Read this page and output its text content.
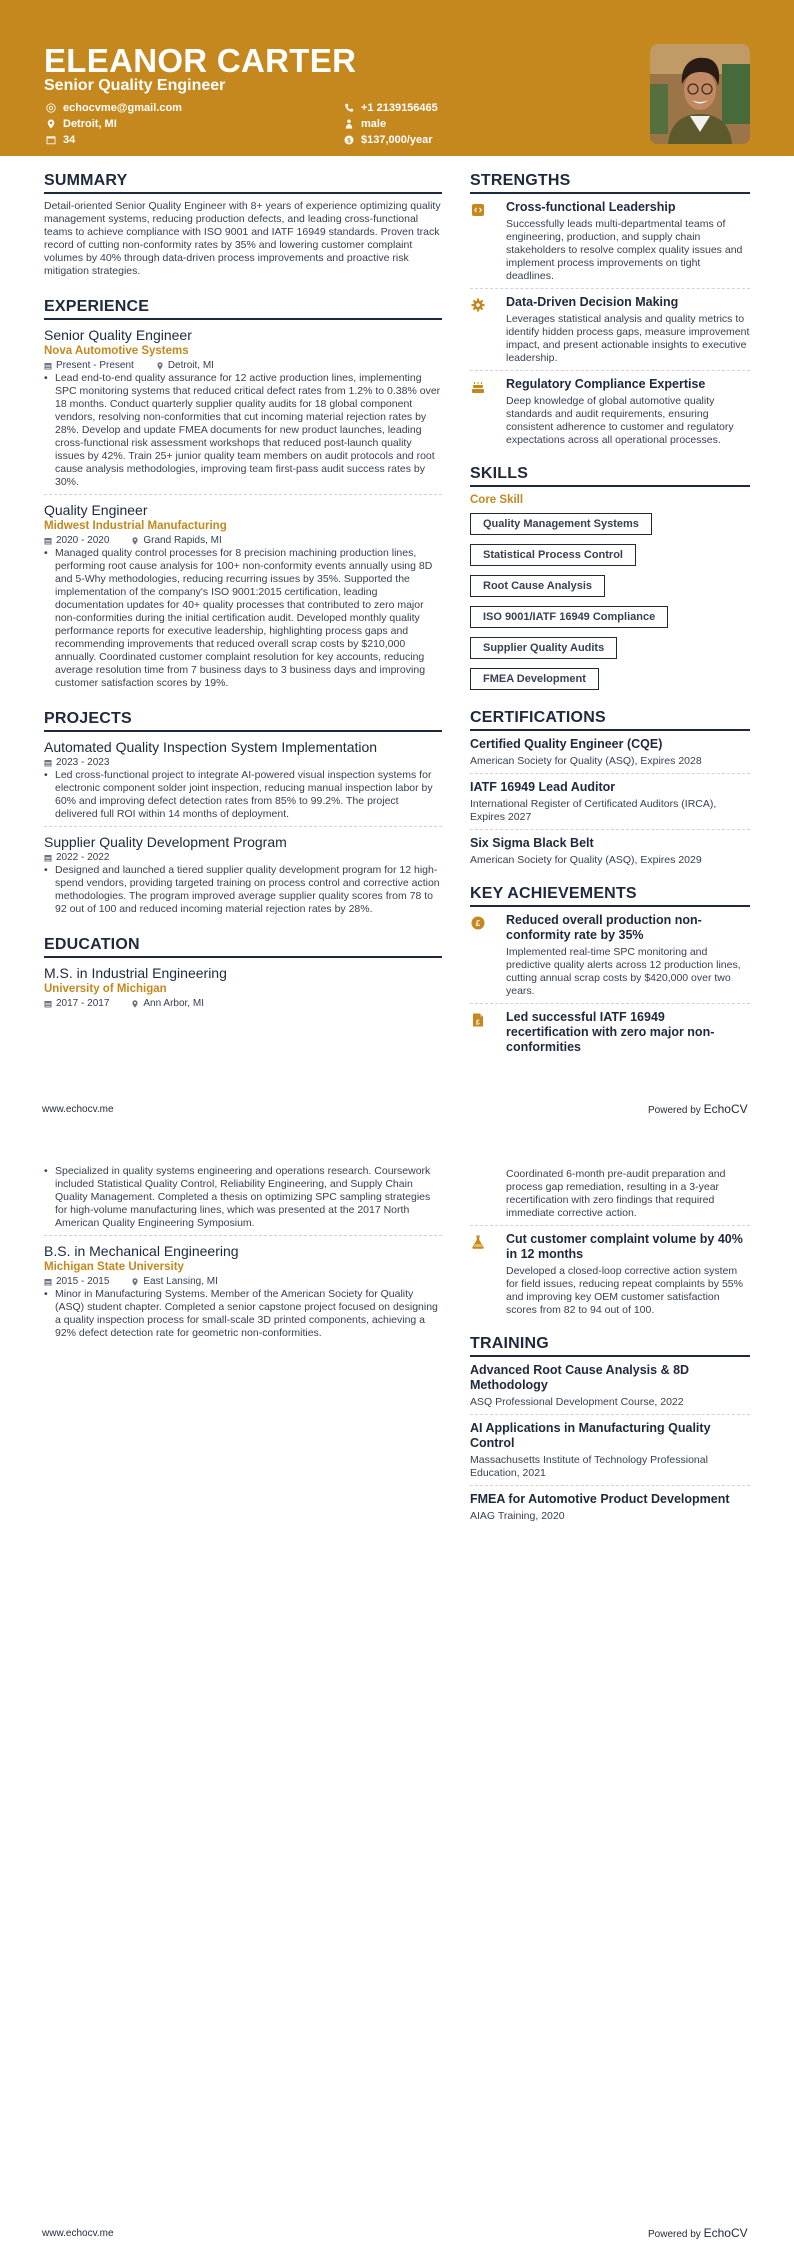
ELEANOR CARTER
Senior Quality Engineer
echocvme@gmail.com
Detroit, MI
34
+1 2139156465
male
$ $137,000/year
SUMMARY
Detail-oriented Senior Quality Engineer with 8+ years of experience optimizing quality management systems, reducing production defects, and leading cross-functional teams to achieve compliance with ISO 9001 and IATF 16949 standards. Proven track record of cutting non-conformity rates by 35% and lowering customer complaint volumes by 40% through data-driven process improvements and proactive risk mitigation strategies.
EXPERIENCE
Senior Quality Engineer
Nova Automotive Systems
Present - Present	Detroit, MI
• Lead end-to-end quality assurance for 12 active production lines, implementing SPC monitoring systems that reduced critical defect rates from 1.2% to 0.38% over 18 months. Conduct quarterly supplier quality audits for 18 global component vendors, resolving non-conformities that cut incoming material rejection rates by 28%. Develop and update FMEA documents for new product launches, leading cross-functional risk assessment workshops that reduced post-launch quality issues by 42%. Train 25+ junior quality team members on audit protocols and root cause analysis methodologies, improving team first-pass audit success rates by 30%.
Quality Engineer
Midwest Industrial Manufacturing
2020 - 2020	Grand Rapids, MI
• Managed quality control processes for 8 precision machining production lines, performing root cause analysis for 100+ non-conformity events annually using 8D and 5-Why methodologies, reducing recurring issues by 35%. Supported the implementation of the company's ISO 9001:2015 certification, leading documentation updates for 40+ quality processes that contributed to zero major non-conformities during the initial certification audit. Developed monthly quality performance reports for executive leadership, highlighting process gaps and recommending improvements that reduced overall scrap costs by $210,000 annually. Coordinated customer complaint resolution for key accounts, reducing average resolution time from 7 business days to 3 business days and improving customer satisfaction scores by 19%.
PROJECTS
Automated Quality Inspection System Implementation
2023 - 2023
• Led cross-functional project to integrate AI-powered visual inspection systems for electronic component solder joint inspection, reducing manual inspection labor by 60% and improving defect detection rates from 85% to 99.2%. The project delivered full ROI within 14 months of deployment.
Supplier Quality Development Program
2022 - 2022
• Designed and launched a tiered supplier quality development program for 12 high-spend vendors, providing targeted training on process control and corrective action methodologies. The program improved average supplier quality scores from 78 to 92 out of 100 and reduced incoming material rejection rates by 28%.
EDUCATION
M.S. in Industrial Engineering
University of Michigan
2017 - 2017	Ann Arbor, MI
STRENGTHS
Cross-functional Leadership
Successfully leads multi-departmental teams of engineering, production, and supply chain stakeholders to resolve complex quality issues and implement process improvements on tight deadlines.
Data-Driven Decision Making
Leverages statistical analysis and quality metrics to identify hidden process gaps, measure improvement impact, and present actionable insights to executive leadership.
Regulatory Compliance Expertise
Deep knowledge of global automotive quality standards and audit requirements, ensuring consistent adherence to customer and regulatory expectations across all operational processes.
SKILLS
Core Skill
Quality Management Systems
Statistical Process Control
Root Cause Analysis
ISO 9001/IATF 16949 Compliance
Supplier Quality Audits
FMEA Development
CERTIFICATIONS
Certified Quality Engineer (CQE)
American Society for Quality (ASQ), Expires 2028
IATF 16949 Lead Auditor
International Register of Certificated Auditors (IRCA), Expires 2027
Six Sigma Black Belt
American Society for Quality (ASQ), Expires 2029
KEY ACHIEVEMENTS
£ Reduced overall production non-conformity rate by 35%
Implemented real-time SPC monitoring and predictive quality alerts across 12 production lines, cutting annual scrap costs by $420,000 over two years.
£ Led successful IATF 16949 recertification with zero major non-conformities
www.echocv.me	Powered by EchoCV
• Specialized in quality systems engineering and operations research. Coursework included Statistical Quality Control, Reliability Engineering, and Supply Chain Quality Management. Completed a thesis on optimizing SPC sampling strategies for high-volume manufacturing lines, which was presented at the 2017 North American Quality Engineering Symposium.
B.S. in Mechanical Engineering
Michigan State University
2015 - 2015	East Lansing, MI
• Minor in Manufacturing Systems. Member of the American Society for Quality (ASQ) student chapter. Completed a senior capstone project focused on designing a quality inspection process for small-scale 3D printed components, achieving a 92% defect detection rate for geometric non-conformities.
Coordinated 6-month pre-audit preparation and process gap remediation, resulting in a 3-year recertification with zero findings that required immediate corrective action.
Cut customer complaint volume by 40% in 12 months
Developed a closed-loop corrective action system for field issues, reducing repeat complaints by 55% and improving key OEM customer satisfaction scores from 82 to 94 out of 100.
TRAINING
Advanced Root Cause Analysis & 8D Methodology
ASQ Professional Development Course, 2022
AI Applications in Manufacturing Quality Control
Massachusetts Institute of Technology Professional Education, 2021
FMEA for Automotive Product Development
AIAG Training, 2020
www.echocv.me	Powered by EchoCV
